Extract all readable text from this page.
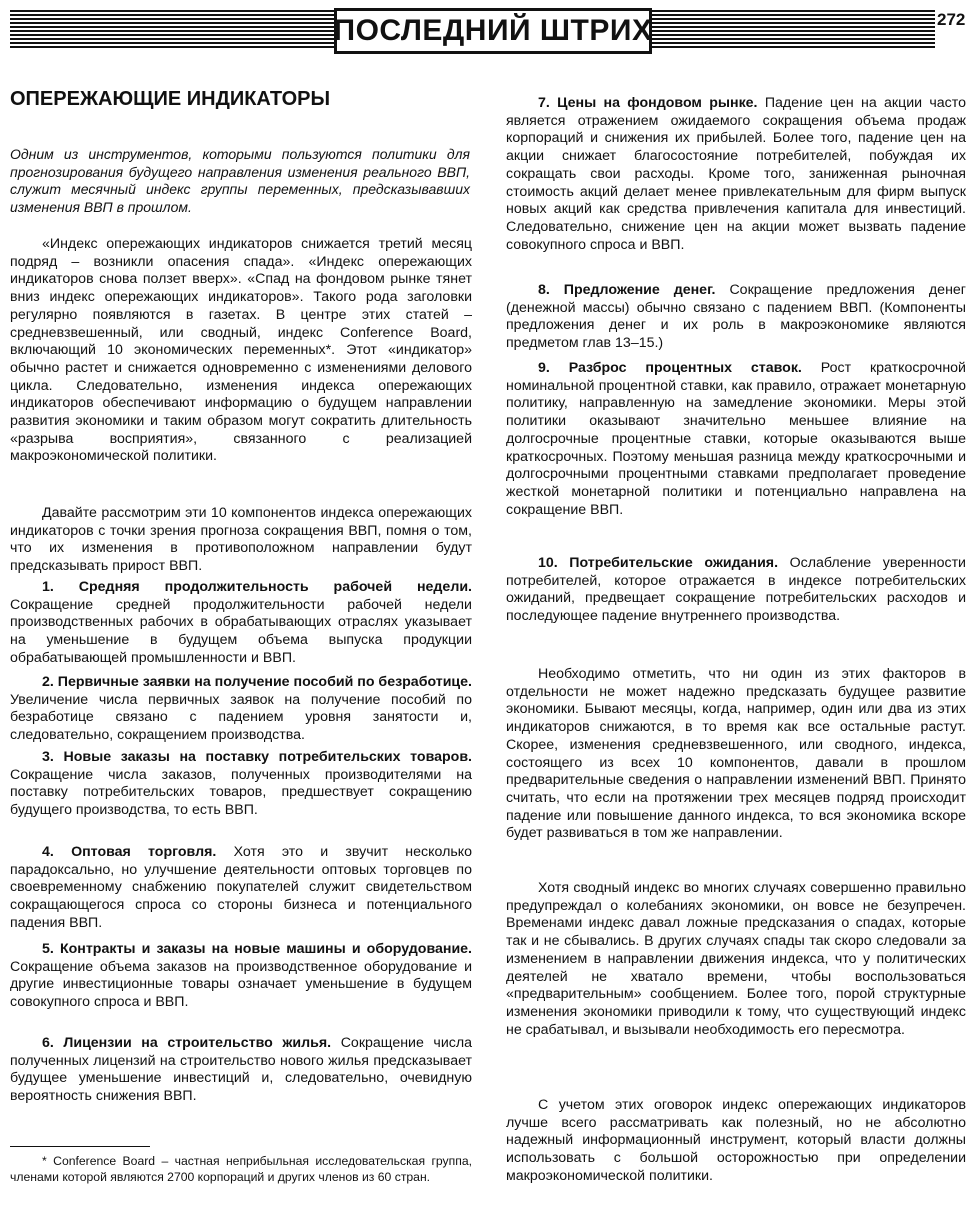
ПОСЛЕДНИЙ ШТРИХ	272
ОПЕРЕЖАЮЩИЕ ИНДИКАТОРЫ

Одним из инструментов, которыми пользуются политики для прогнозирования будущего направления изменения реального ВВП, служит месячный индекс группы переменных, предсказывавших изменения ВВП в прошлом.

«Индекс опережающих индикаторов снижается третий месяц подряд – возникли опасения спада». «Индекс опережающих индикаторов снова ползет вверх». «Спад на фондовом рынке тянет вниз индекс опережающих индикаторов». Такого рода заголовки регулярно появляются в газетах. В центре этих статей – средневзвешенный, или сводный, индекс Conference Board, включающий 10 экономических переменных*. Этот «индикатор» обычно растет и снижается одновременно с изменениями делового цикла. Следовательно, изменения индекса опережающих индикаторов обеспечивают информацию о будущем направлении развития экономики и таким образом могут сократить длительность «разрыва восприятия», связанного с реализацией макроэкономической политики.

Давайте рассмотрим эти 10 компонентов индекса опережающих индикаторов с точки зрения прогноза сокращения ВВП, помня о том, что их изменения в противоположном направлении будут предсказывать прирост ВВП.

1. Средняя продолжительность рабочей недели. Сокращение средней продолжительности рабочей недели производственных рабочих в обрабатывающих отраслях указывает на уменьшение в будущем объема выпуска продукции обрабатывающей промышленности и ВВП.

2. Первичные заявки на получение пособий по безработице. Увеличение числа первичных заявок на получение пособий по безработице связано с падением уровня занятости и, следовательно, сокращением производства.

3. Новые заказы на поставку потребительских товаров. Сокращение числа заказов, полученных производителями на поставку потребительских товаров, предшествует сокращению будущего производства, то есть ВВП.

4. Оптовая торговля. Хотя это и звучит несколько парадоксально, но улучшение деятельности оптовых торговцев по своевременному снабжению покупателей служит свидетельством сокращающегося спроса со стороны бизнеса и потенциального падения ВВП.

5. Контракты и заказы на новые машины и оборудование. Сокращение объема заказов на производственное оборудование и другие инвестиционные товары означает уменьшение в будущем совокупного спроса и ВВП.

6. Лицензии на строительство жилья. Сокращение числа полученных лицензий на строительство нового жилья предсказывает будущее уменьшение инвестиций и, следовательно, очевидную вероятность снижения ВВП.

* Conference Board – частная неприбыльная исследовательская группа, членами которой являются 2700 корпораций и других членов из 60 стран.

7. Цены на фондовом рынке. Падение цен на акции часто является отражением ожидаемого сокращения объема продаж корпораций и снижения их прибылей. Более того, падение цен на акции снижает благосостояние потребителей, побуждая их сокращать свои расходы. Кроме того, заниженная рыночная стоимость акций делает менее привлекательным для фирм выпуск новых акций как средства привлечения капитала для инвестиций. Следовательно, снижение цен на акции может вызвать падение совокупного спроса и ВВП.

8. Предложение денег. Сокращение предложения денег (денежной массы) обычно связано с падением ВВП. (Компоненты предложения денег и их роль в макроэкономике являются предметом глав 13–15.)

9. Разброс процентных ставок. Рост краткосрочной номинальной процентной ставки, как правило, отражает монетарную политику, направленную на замедление экономики. Меры этой политики оказывают значительно меньшее влияние на долгосрочные процентные ставки, которые оказываются выше краткосрочных. Поэтому меньшая разница между краткосрочными и долгосрочными процентными ставками предполагает проведение жесткой монетарной политики и потенциально направлена на сокращение ВВП.

10. Потребительские ожидания. Ослабление уверенности потребителей, которое отражается в индексе потребительских ожиданий, предвещает сокращение потребительских расходов и последующее падение внутреннего производства.

Необходимо отметить, что ни один из этих факторов в отдельности не может надежно предсказать будущее развитие экономики. Бывают месяцы, когда, например, один или два из этих индикаторов снижаются, в то время как все остальные растут. Скорее, изменения средневзвешенного, или сводного, индекса, состоящего из всех 10 компонентов, давали в прошлом предварительные сведения о направлении изменений ВВП. Принято считать, что если на протяжении трех месяцев подряд происходит падение или повышение данного индекса, то вся экономика вскоре будет развиваться в том же направлении.

Хотя сводный индекс во многих случаях совершенно правильно предупреждал о колебаниях экономики, он вовсе не безупречен. Временами индекс давал ложные предсказания о спадах, которые так и не сбывались. В других случаях спады так скоро следовали за изменением в направлении движения индекса, что у политических деятелей не хватало времени, чтобы воспользоваться «предварительным» сообщением. Более того, порой структурные изменения экономики приводили к тому, что существующий индекс не срабатывал, и вызывали необходимость его пересмотра.

С учетом этих оговорок индекс опережающих индикаторов лучше всего рассматривать как полезный, но не абсолютно надежный информационный инструмент, который власти должны использовать с большой осторожностью при определении макроэкономической политики.
